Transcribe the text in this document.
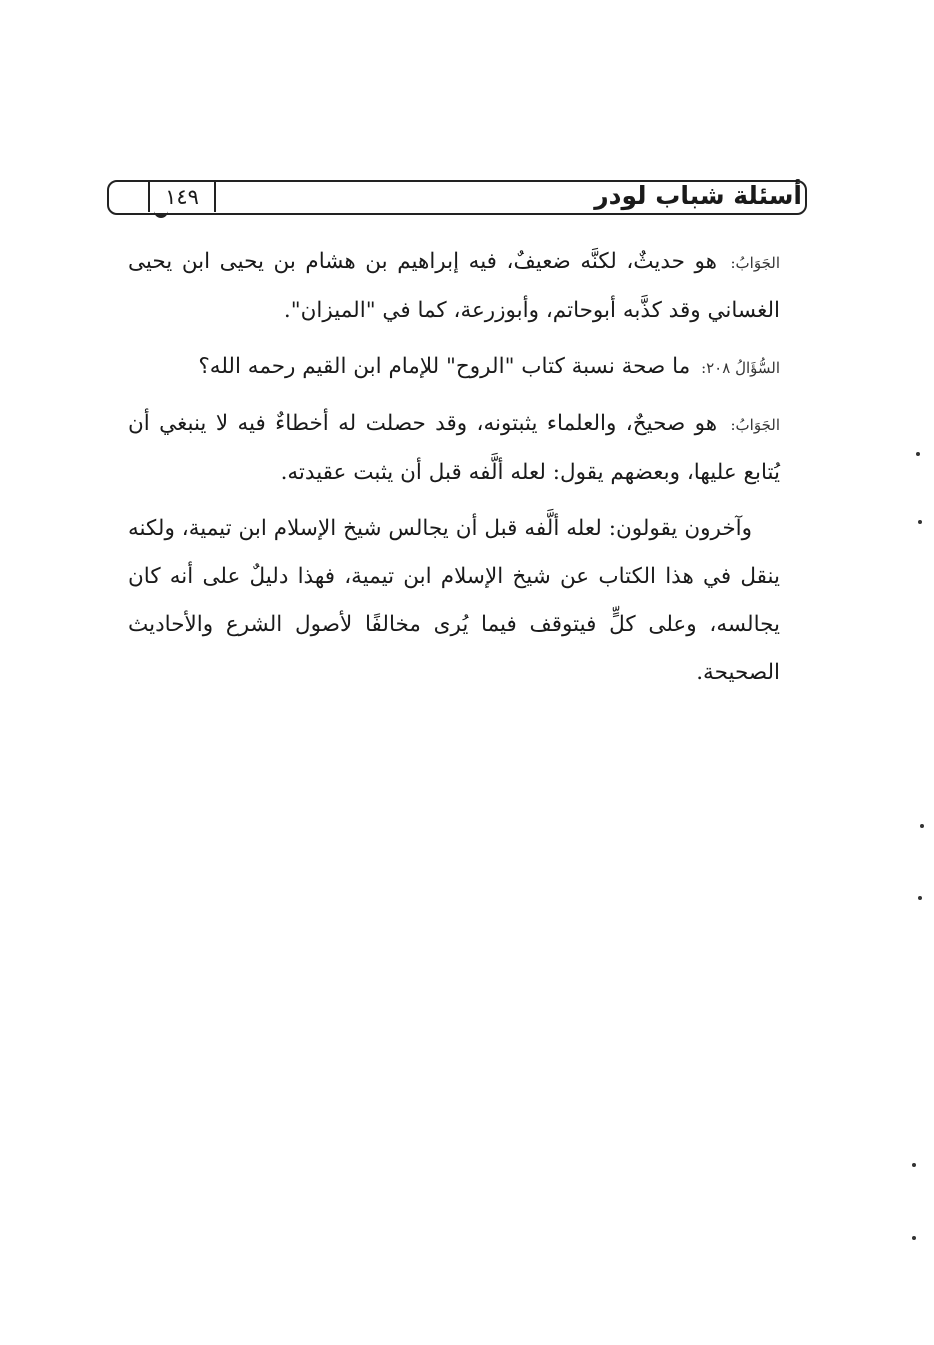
١٤٩	أسئلة شباب لودر

الجَوَابُ: هو حديثٌ، لكنَّه ضعيفٌ، فيه إبراهيم بن هشام بن يحيى ابن يحيى الغساني وقد كذَّبه أبوحاتم، وأبوزرعة، كما في "الميزان".

السُّؤَالُ ٢٠٨: ما صحة نسبة كتاب "الروح" للإمام ابن القيم رحمه الله؟

الجَوَابُ: هو صحيحٌ، والعلماء يثبتونه، وقد حصلت له أخطاءٌ فيه لا ينبغي أن يُتابع عليها، وبعضهم يقول: لعله ألَّفه قبل أن يثبت عقيدته.

وآخرون يقولون: لعله ألَّفه قبل أن يجالس شيخ الإسلام ابن تيمية، ولكنه ينقل في هذا الكتاب عن شيخ الإسلام ابن تيمية، فهذا دليلٌ على أنه كان يجالسه، وعلى كلٍّ فيتوقف فيما يُرى مخالفًا لأصول الشرع والأحاديث الصحيحة.
